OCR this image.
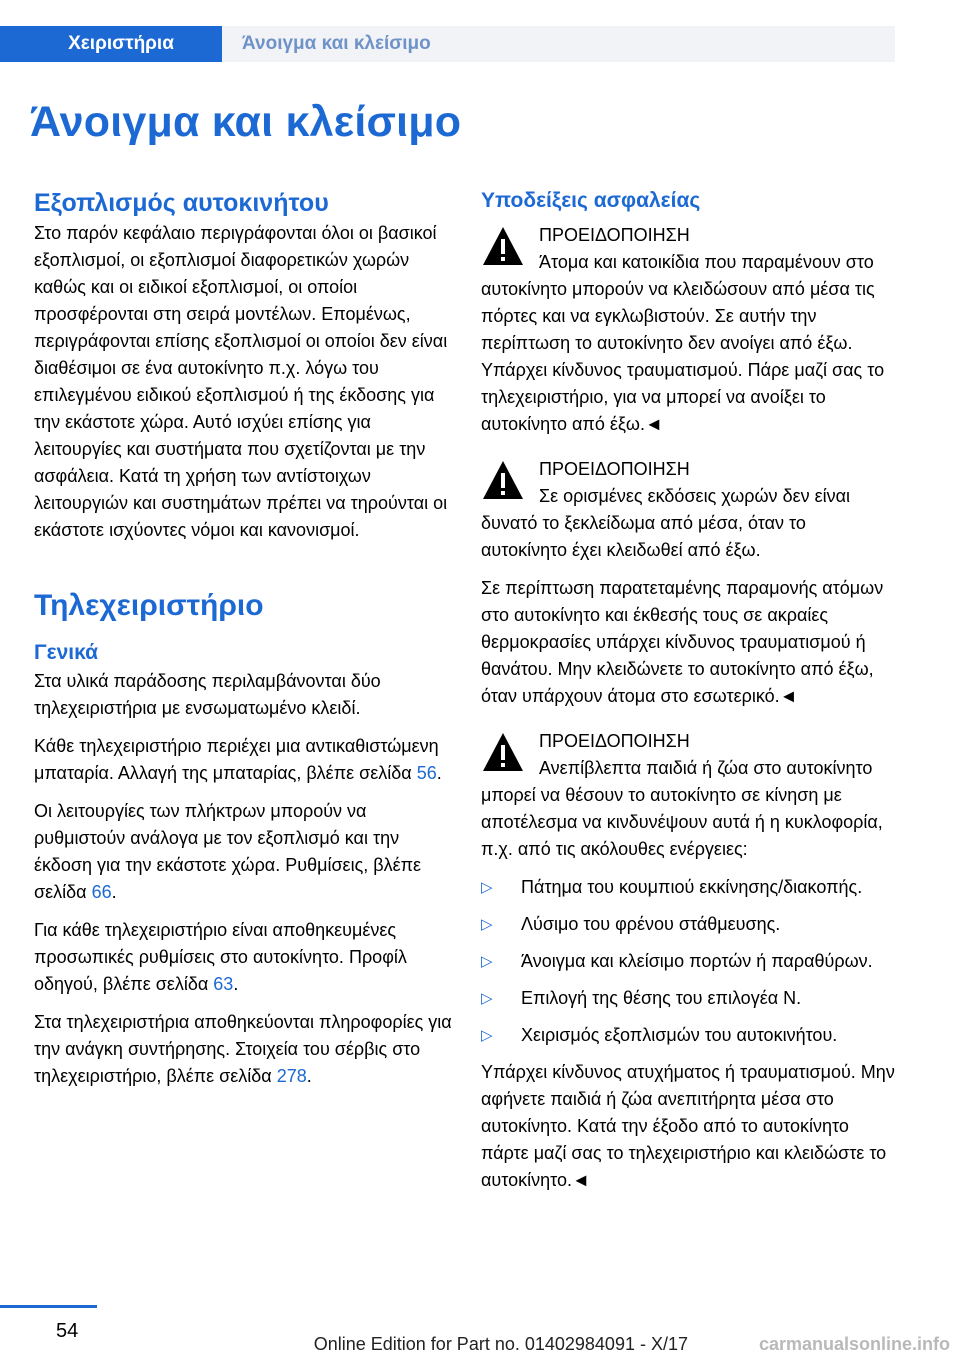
Χειριστήρια	Άνοιγμα και κλείσιμο
Άνοιγμα και κλείσιμο
Εξοπλισμός αυτοκινήτου

Στο παρόν κεφάλαιο περιγράφονται όλοι οι βασικοί εξοπλισμοί, οι εξοπλισμοί διαφορετικών χωρών καθώς και οι ειδικοί εξοπλισμοί, οι οποίοι προσφέρονται στη σειρά μοντέλων. Επομένως, περιγράφονται επίσης εξοπλισμοί οι οποίοι δεν είναι διαθέσιμοι σε ένα αυτοκίνητο π.χ. λόγω του επιλεγμένου ειδικού εξοπλισμού ή της έκδοσης για την εκάστοτε χώρα. Αυτό ισχύει επίσης για λειτουργίες και συστήματα που σχετίζονται με την ασφάλεια. Κατά τη χρήση των αντίστοιχων λειτουργιών και συστημάτων πρέπει να τηρούνται οι εκάστοτε ισχύοντες νόμοι και κανονισμοί.

Τηλεχειριστήριο
Γενικά

Στα υλικά παράδοσης περιλαμβάνονται δύο τηλεχειριστήρια με ενσωματωμένο κλειδί.

Κάθε τηλεχειριστήριο περιέχει μια αντικαθιστώμενη μπαταρία. Αλλαγή της μπαταρίας, βλέπε σελίδα 56.

Οι λειτουργίες των πλήκτρων μπορούν να ρυθμιστούν ανάλογα με τον εξοπλισμό και την έκδοση για την εκάστοτε χώρα. Ρυθμίσεις, βλέπε σελίδα 66.

Για κάθε τηλεχειριστήριο είναι αποθηκευμένες προσωπικές ρυθμίσεις στο αυτοκίνητο. Προφίλ οδηγού, βλέπε σελίδα 63.

Στα τηλεχειριστήρια αποθηκεύονται πληροφορίες για την ανάγκη συντήρησης. Στοιχεία του σέρβις στο τηλεχειριστήριο, βλέπε σελίδα 278.

Υποδείξεις ασφαλείας
ΠΡΟΕΙΔΟΠΟΙΗΣΗ
Άτομα και κατοικίδια που παραμένουν στο αυτοκίνητο μπορούν να κλειδώσουν από μέσα τις πόρτες και να εγκλωβιστούν. Σε αυτήν την περίπτωση το αυτοκίνητο δεν ανοίγει από έξω. Υπάρχει κίνδυνος τραυματισμού. Πάρε μαζί σας το τηλεχειριστήριο, για να μπορεί να ανοίξει το αυτοκίνητο από έξω.◄
ΠΡΟΕΙΔΟΠΟΙΗΣΗ
Σε ορισμένες εκδόσεις χωρών δεν είναι δυνατό το ξεκλείδωμα από μέσα, όταν το αυτοκίνητο έχει κλειδωθεί από έξω.

Σε περίπτωση παρατεταμένης παραμονής ατόμων στο αυτοκίνητο και έκθεσής τους σε ακραίες θερμοκρασίες υπάρχει κίνδυνος τραυματισμού ή θανάτου. Μην κλειδώνετε το αυτοκίνητο από έξω, όταν υπάρχουν άτομα στο εσωτερικό.◄

ΠΡΟΕΙΔΟΠΟΙΗΣΗ
Ανεπίβλεπτα παιδιά ή ζώα στο αυτοκίνητο μπορεί να θέσουν το αυτοκίνητο σε κίνηση με αποτέλεσμα να κινδυνέψουν αυτά ή η κυκλοφορία, π.χ. από τις ακόλουθες ενέργειες:
▷ Πάτημα του κουμπιού εκκίνησης/διακοπής.
▷ Λύσιμο του φρένου στάθμευσης.
▷ Άνοιγμα και κλείσιμο πορτών ή παραθύρων.
▷ Επιλογή της θέσης του επιλογέα N.
▷ Χειρισμός εξοπλισμών του αυτοκινήτου.

Υπάρχει κίνδυνος ατυχήματος ή τραυματισμού. Μην αφήνετε παιδιά ή ζώα ανεπιτήρητα μέσα στο αυτοκίνητο. Κατά την έξοδο από το αυτοκίνητο πάρτε μαζί σας το τηλεχειριστήριο και κλειδώστε το αυτοκίνητο.◄

54
Online Edition for Part no. 01402984091 - X/17	carmanualsonline.info
